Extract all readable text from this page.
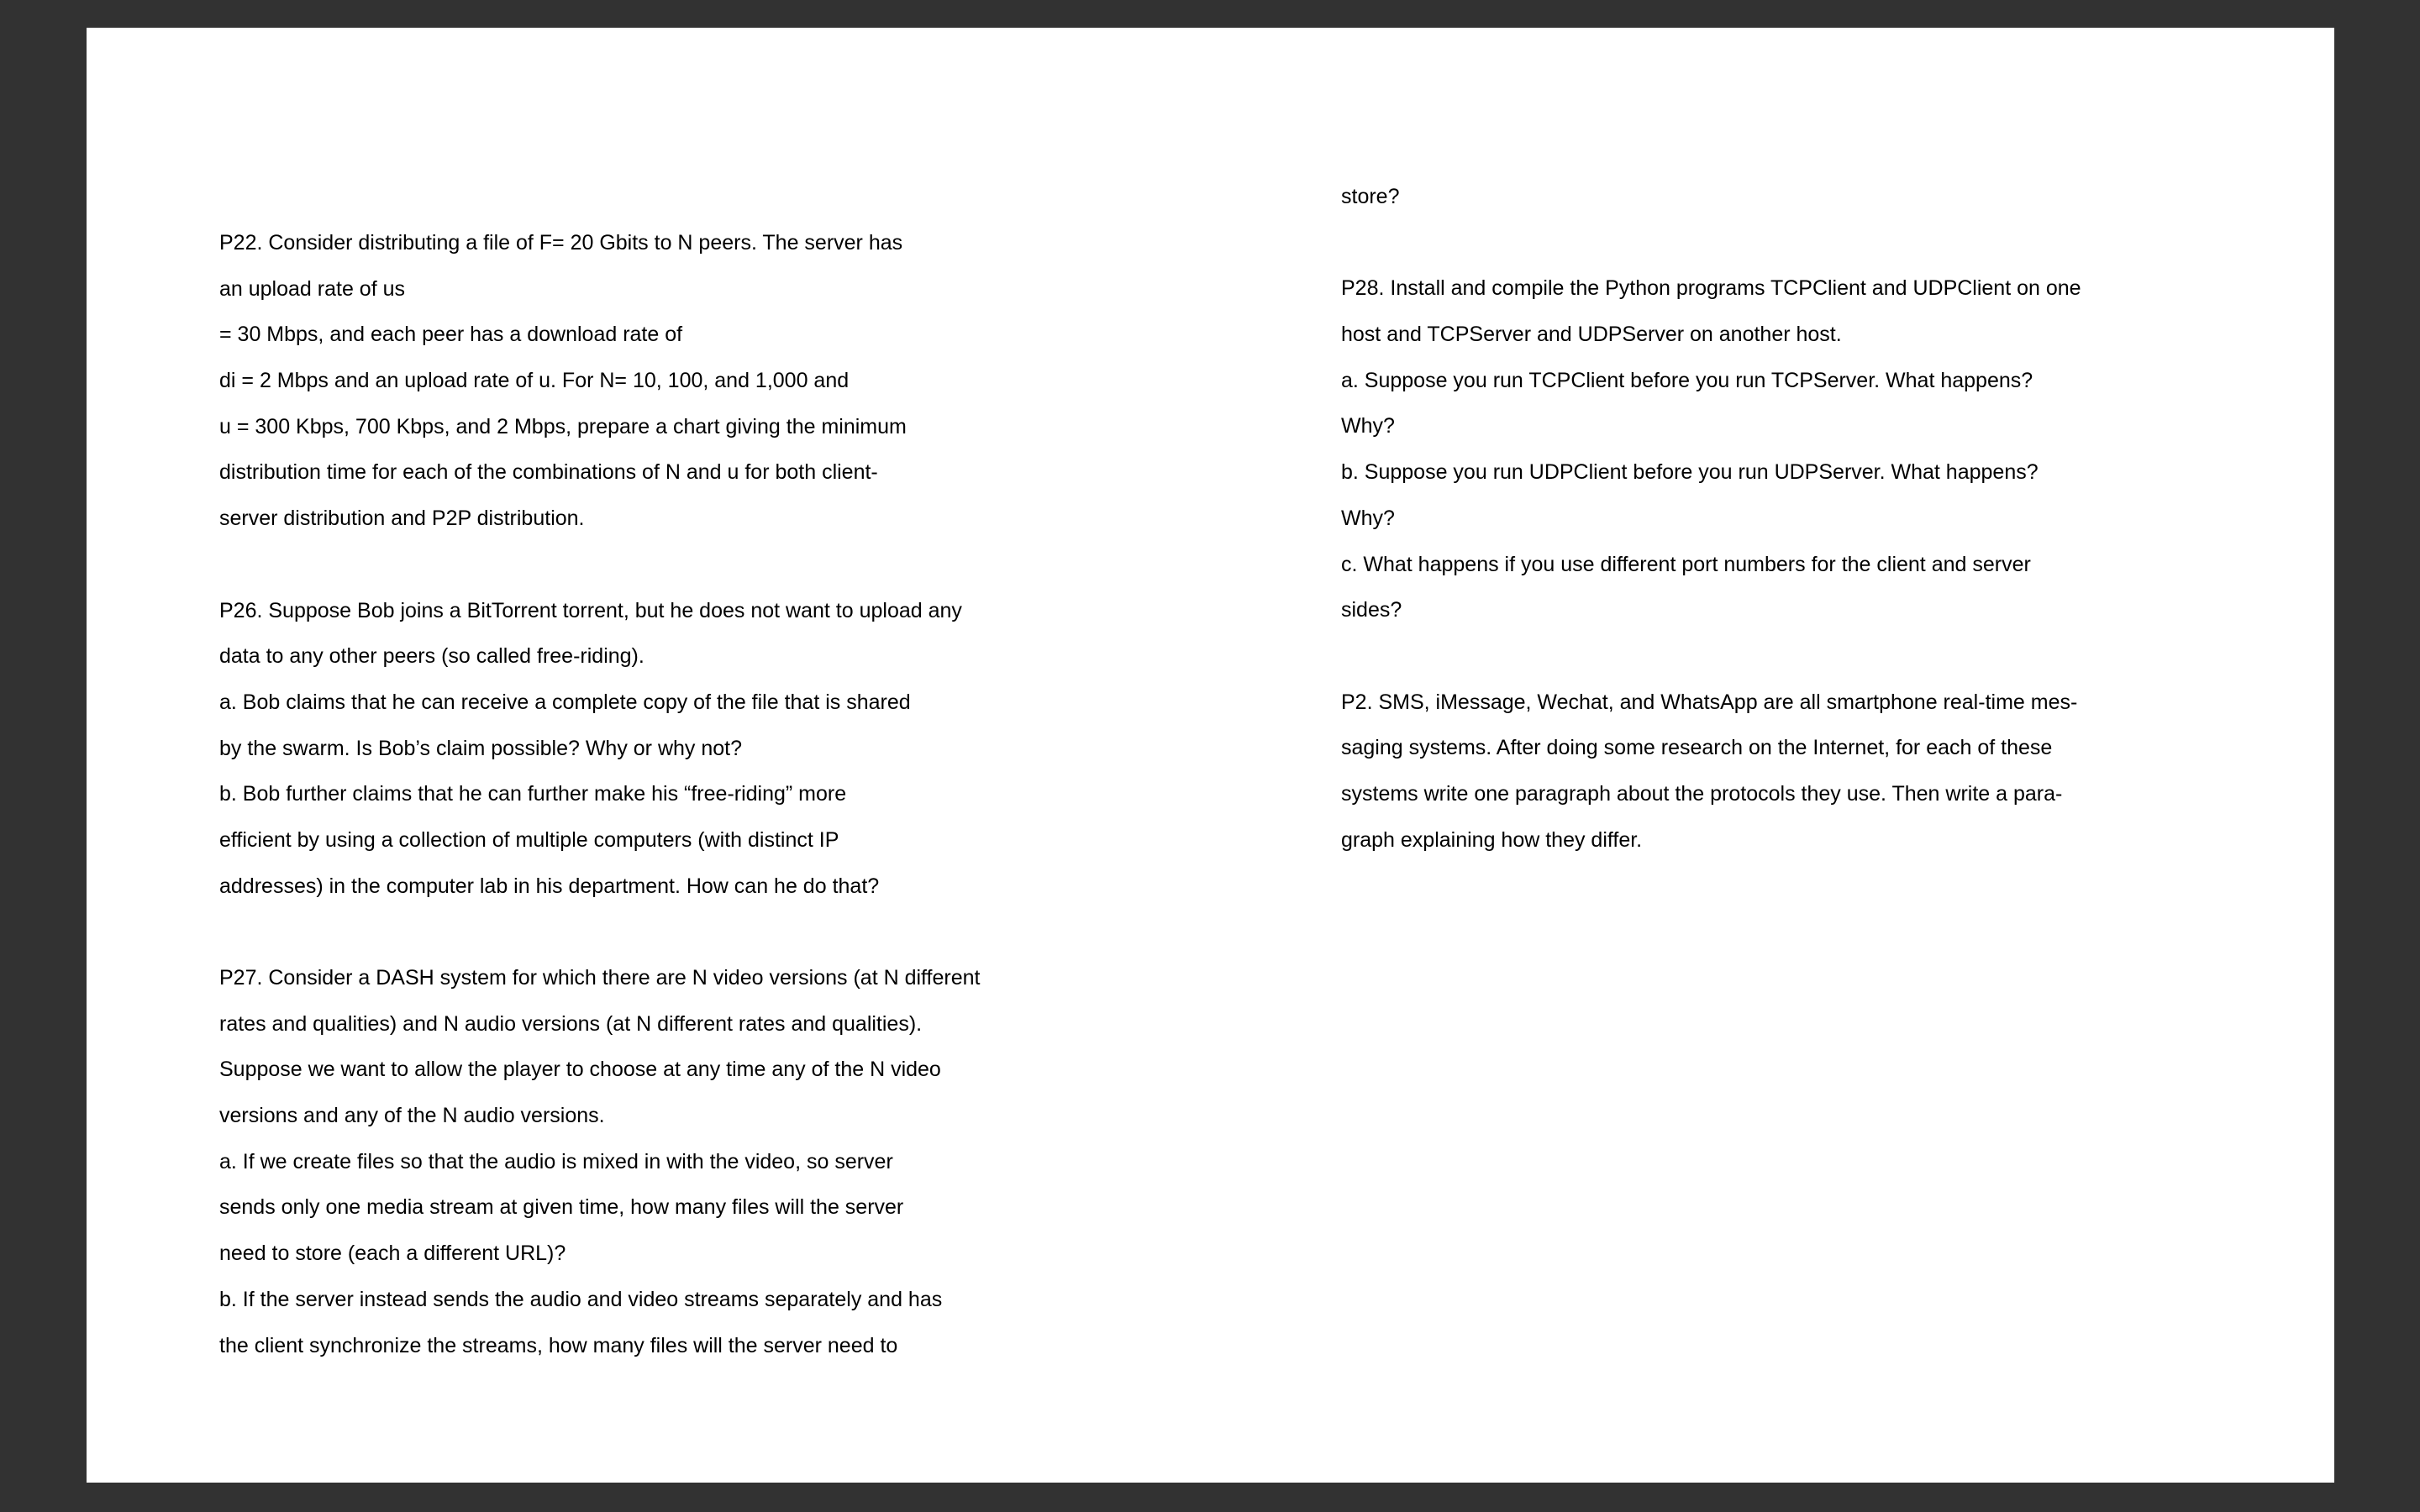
P22. Consider distributing a file of F= 20 Gbits to N peers. The server has
an upload rate of us
= 30 Mbps, and each peer has a download rate of
di = 2 Mbps and an upload rate of u. For N= 10, 100, and 1,000 and
u = 300 Kbps, 700 Kbps, and 2 Mbps, prepare a chart giving the minimum
distribution time for each of the combinations of N and u for both client-
server distribution and P2P distribution.
P26. Suppose Bob joins a BitTorrent torrent, but he does not want to upload any
data to any other peers (so called free-riding).
a. Bob claims that he can receive a complete copy of the file that is shared
by the swarm. Is Bob’s claim possible? Why or why not?
b. Bob further claims that he can further make his “free-riding” more
efficient by using a collection of multiple computers (with distinct IP
addresses) in the computer lab in his department. How can he do that?
P27. Consider a DASH system for which there are N video versions (at N different
rates and qualities) and N audio versions (at N different rates and qualities).
Suppose we want to allow the player to choose at any time any of the N video
versions and any of the N audio versions.
a. If we create files so that the audio is mixed in with the video, so server
sends only one media stream at given time, how many files will the server
need to store (each a different URL)?
b. If the server instead sends the audio and video streams separately and has
the client synchronize the streams, how many files will the server need to
store?
P28. Install and compile the Python programs TCPClient and UDPClient on one
host and TCPServer and UDPServer on another host.
a. Suppose you run TCPClient before you run TCPServer. What happens?
Why?
b. Suppose you run UDPClient before you run UDPServer. What happens?
Why?
c. What happens if you use different port numbers for the client and server
sides?
P2. SMS, iMessage, Wechat, and WhatsApp are all smartphone real-time mes-
saging systems. After doing some research on the Internet, for each of these
systems write one paragraph about the protocols they use. Then write a para-
graph explaining how they differ.
